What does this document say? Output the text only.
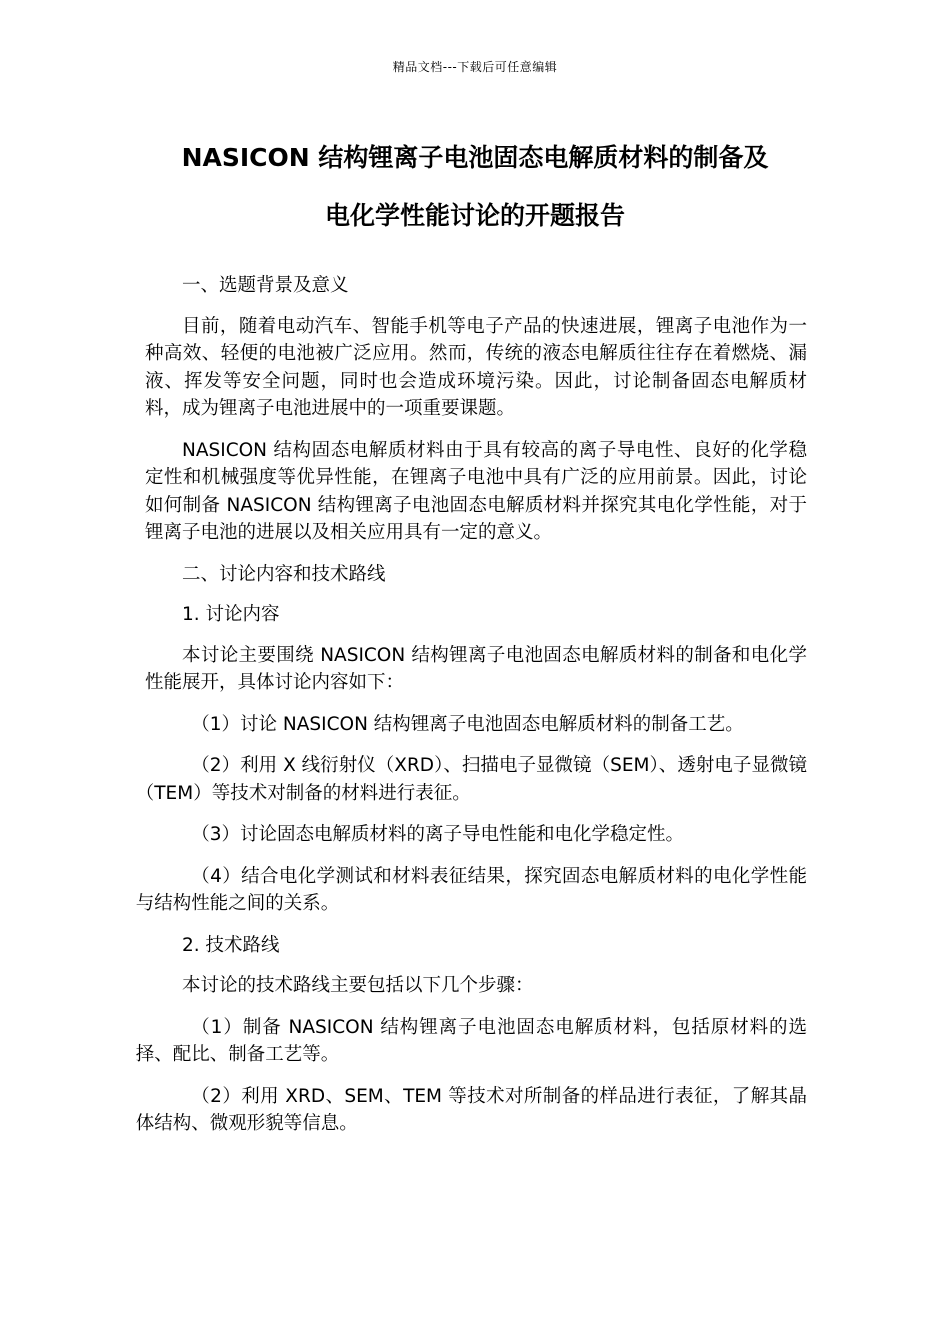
精品文档---下载后可任意编辑
NASICON 结构锂离子电池固态电解质材料的制备及
电化学性能讨论的开题报告

一、选题背景及意义

目前，随着电动汽车、智能手机等电子产品的快速进展，锂离子电池作为一种高效、轻便的电池被广泛应用。然而，传统的液态电解质往往存在着燃烧、漏液、挥发等安全问题，同时也会造成环境污染。因此，讨论制备固态电解质材料，成为锂离子电池进展中的一项重要课题。

NASICON 结构固态电解质材料由于具有较高的离子导电性、良好的化学稳定性和机械强度等优异性能，在锂离子电池中具有广泛的应用前景。因此，讨论如何制备 NASICON 结构锂离子电池固态电解质材料并探究其电化学性能，对于锂离子电池的进展以及相关应用具有一定的意义。

二、讨论内容和技术路线

1. 讨论内容

本讨论主要围绕 NASICON 结构锂离子电池固态电解质材料的制备和电化学性能展开，具体讨论内容如下：

（1）讨论 NASICON 结构锂离子电池固态电解质材料的制备工艺。

（2）利用 X 线衍射仪（XRD）、扫描电子显微镜（SEM）、透射电子显微镜（TEM）等技术对制备的材料进行表征。

（3）讨论固态电解质材料的离子导电性能和电化学稳定性。

（4）结合电化学测试和材料表征结果，探究固态电解质材料的电化学性能与结构性能之间的关系。

2. 技术路线

本讨论的技术路线主要包括以下几个步骤：

（1）制备 NASICON 结构锂离子电池固态电解质材料，包括原材料的选择、配比、制备工艺等。

（2）利用 XRD、SEM、TEM 等技术对所制备的样品进行表征，了解其晶体结构、微观形貌等信息。
